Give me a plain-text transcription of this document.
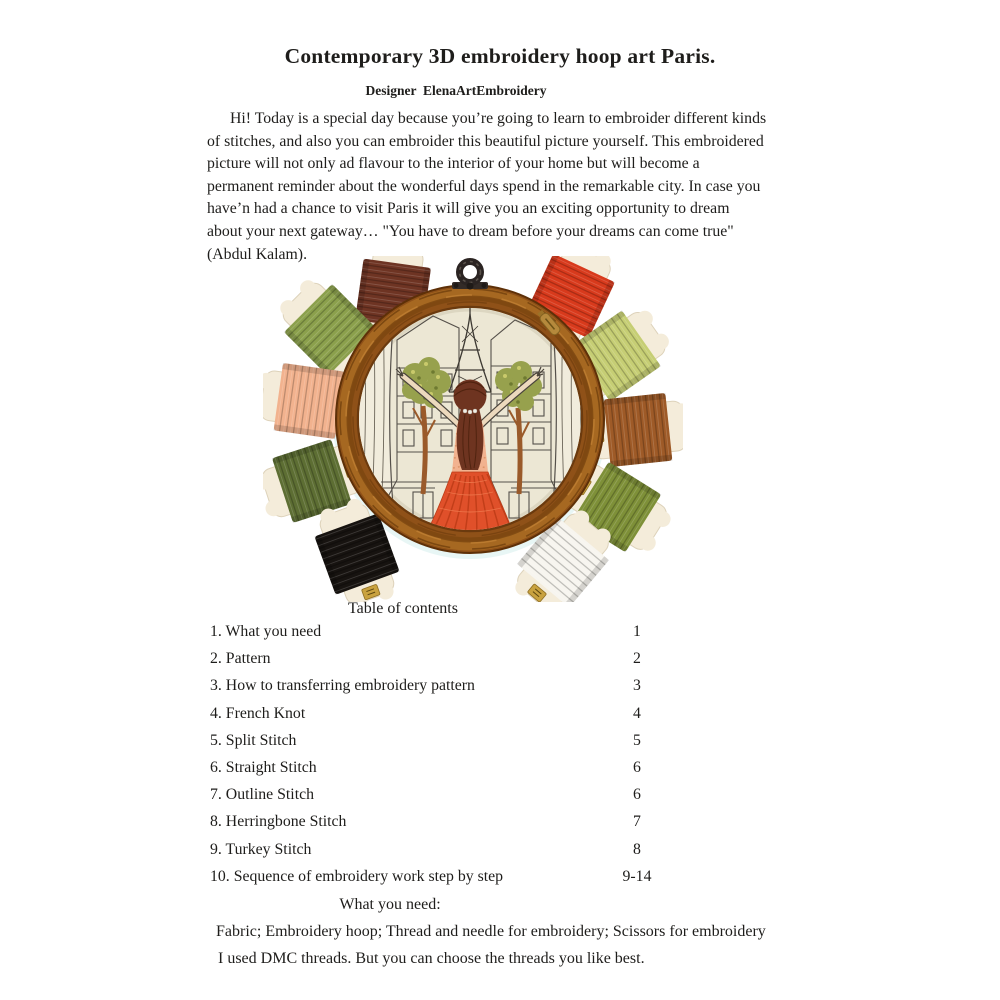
Contemporary 3D embroidery hoop art Paris.
Designer  ElenaArtEmbroidery
Hi! Today is a special day because you’re going to learn to embroider different kinds
of stitches, and also you can embroider this beautiful picture yourself. This embroidered
picture will not only ad flavour to the interior of your home but will become a
permanent reminder about the wonderful days spend in the remarkable city. In case you
have’n had a chance to visit Paris it will give you an exciting opportunity to dream
about your next gateway… "You have to dream before your dreams can come true"
(Abdul Kalam).
Table of contents
1. What you need	1
2. Pattern	2
3. How to transferring embroidery pattern	3
4. French Knot	4
5. Split Stitch	5
6. Straight Stitch	6
7. Outline Stitch	6
8. Herringbone Stitch	7
9. Turkey Stitch	8
10. Sequence of embroidery work step by step	9-14
What you need:
Fabric; Embroidery hoop; Thread and needle for embroidery; Scissors for embroidery
I used DMC threads. But you can choose the threads you like best.
